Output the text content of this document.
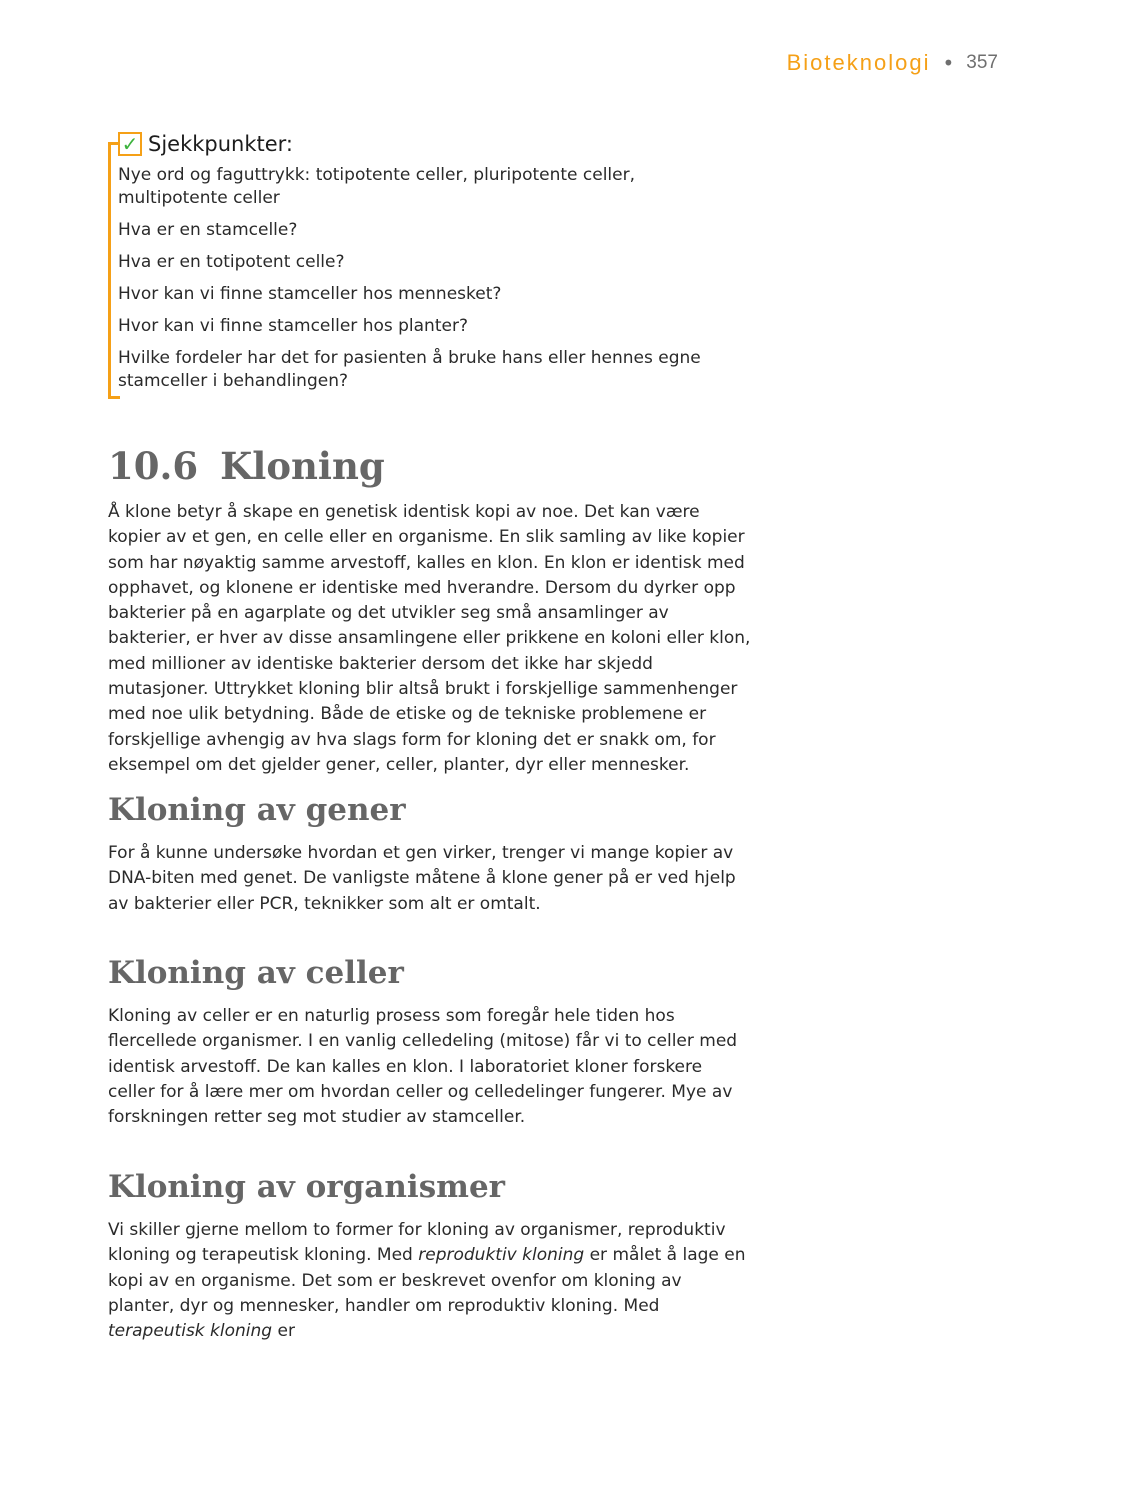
Bioteknologi • 357
✓ Sjekkpunkter:
Nye ord og faguttrykk: totipotente celler, pluripotente celler, multipotente celler
Hva er en stamcelle?
Hva er en totipotent celle?
Hvor kan vi finne stamceller hos mennesket?
Hvor kan vi finne stamceller hos planter?
Hvilke fordeler har det for pasienten å bruke hans eller hennes egne stamceller i behandlingen?
10.6 Kloning

Å klone betyr å skape en genetisk identisk kopi av noe. Det kan være kopier av et gen, en celle eller en organisme. En slik samling av like kopier som har nøyaktig samme arvestoff, kalles en klon. En klon er identisk med opphavet, og klonene er identiske med hverandre. Dersom du dyrker opp bakterier på en agarplate og det utvikler seg små ansamlinger av bakterier, er hver av disse ansamlingene eller prikkene en koloni eller klon, med millioner av identiske bakterier dersom det ikke har skjedd mutasjoner. Uttrykket kloning blir altså brukt i forskjellige sammenhenger med noe ulik betydning. Både de etiske og de tekniske problemene er forskjellige avhengig av hva slags form for kloning det er snakk om, for eksempel om det gjelder gener, celler, planter, dyr eller mennesker.

Kloning av gener

For å kunne undersøke hvordan et gen virker, trenger vi mange kopier av DNA-biten med genet. De vanligste måtene å klone gener på er ved hjelp av bakterier eller PCR, teknikker som alt er omtalt.

Kloning av celler

Kloning av celler er en naturlig prosess som foregår hele tiden hos flercellede organismer. I en vanlig celledeling (mitose) får vi to celler med identisk arvestoff. De kan kalles en klon. I laboratoriet kloner forskere celler for å lære mer om hvordan celler og celledelinger fungerer. Mye av forskningen retter seg mot studier av stamceller.

Kloning av organismer

Vi skiller gjerne mellom to former for kloning av organismer, reproduktiv kloning og terapeutisk kloning. Med reproduktiv kloning er målet å lage en kopi av en organisme. Det som er beskrevet ovenfor om kloning av planter, dyr og mennesker, handler om reproduktiv kloning. Med terapeutisk kloning er
